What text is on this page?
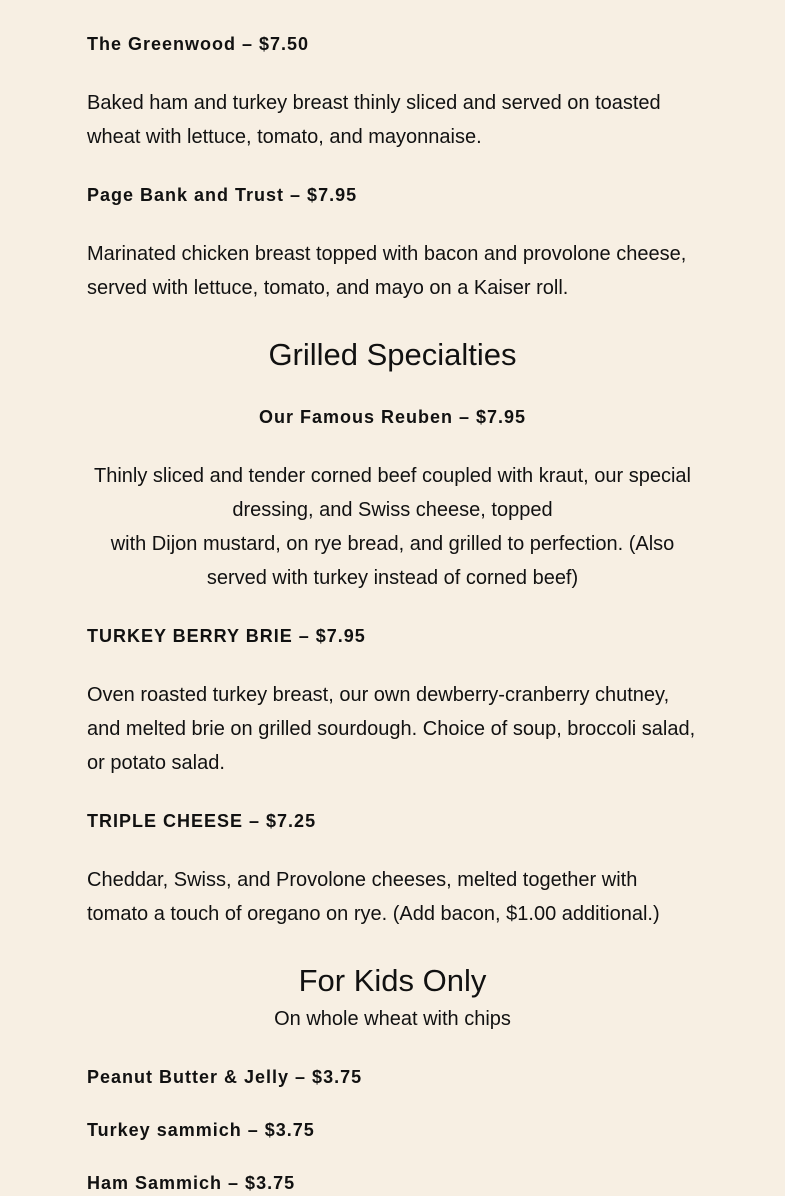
The Greenwood – $7.50
Baked ham and turkey breast thinly sliced and served on toasted wheat with lettuce, tomato, and mayonnaise.
Page Bank and Trust – $7.95
Marinated chicken breast topped with bacon and provolone cheese, served with lettuce, tomato, and mayo on a Kaiser roll.
Grilled Specialties
Our Famous Reuben – $7.95
Thinly sliced and tender corned beef coupled with kraut, our special dressing, and Swiss cheese, topped
with Dijon mustard, on rye bread, and grilled to perfection. (Also served with turkey instead of corned beef)
TURKEY BERRY BRIE – $7.95
Oven roasted turkey breast, our own dewberry-cranberry chutney, and melted brie on grilled sourdough. Choice of soup, broccoli salad, or potato salad.
TRIPLE CHEESE – $7.25
Cheddar, Swiss, and Provolone cheeses, melted together with tomato a touch of oregano on rye. (Add bacon, $1.00 additional.)
For Kids Only
On whole wheat with chips
Peanut Butter & Jelly – $3.75
Turkey sammich – $3.75
Ham Sammich – $3.75
